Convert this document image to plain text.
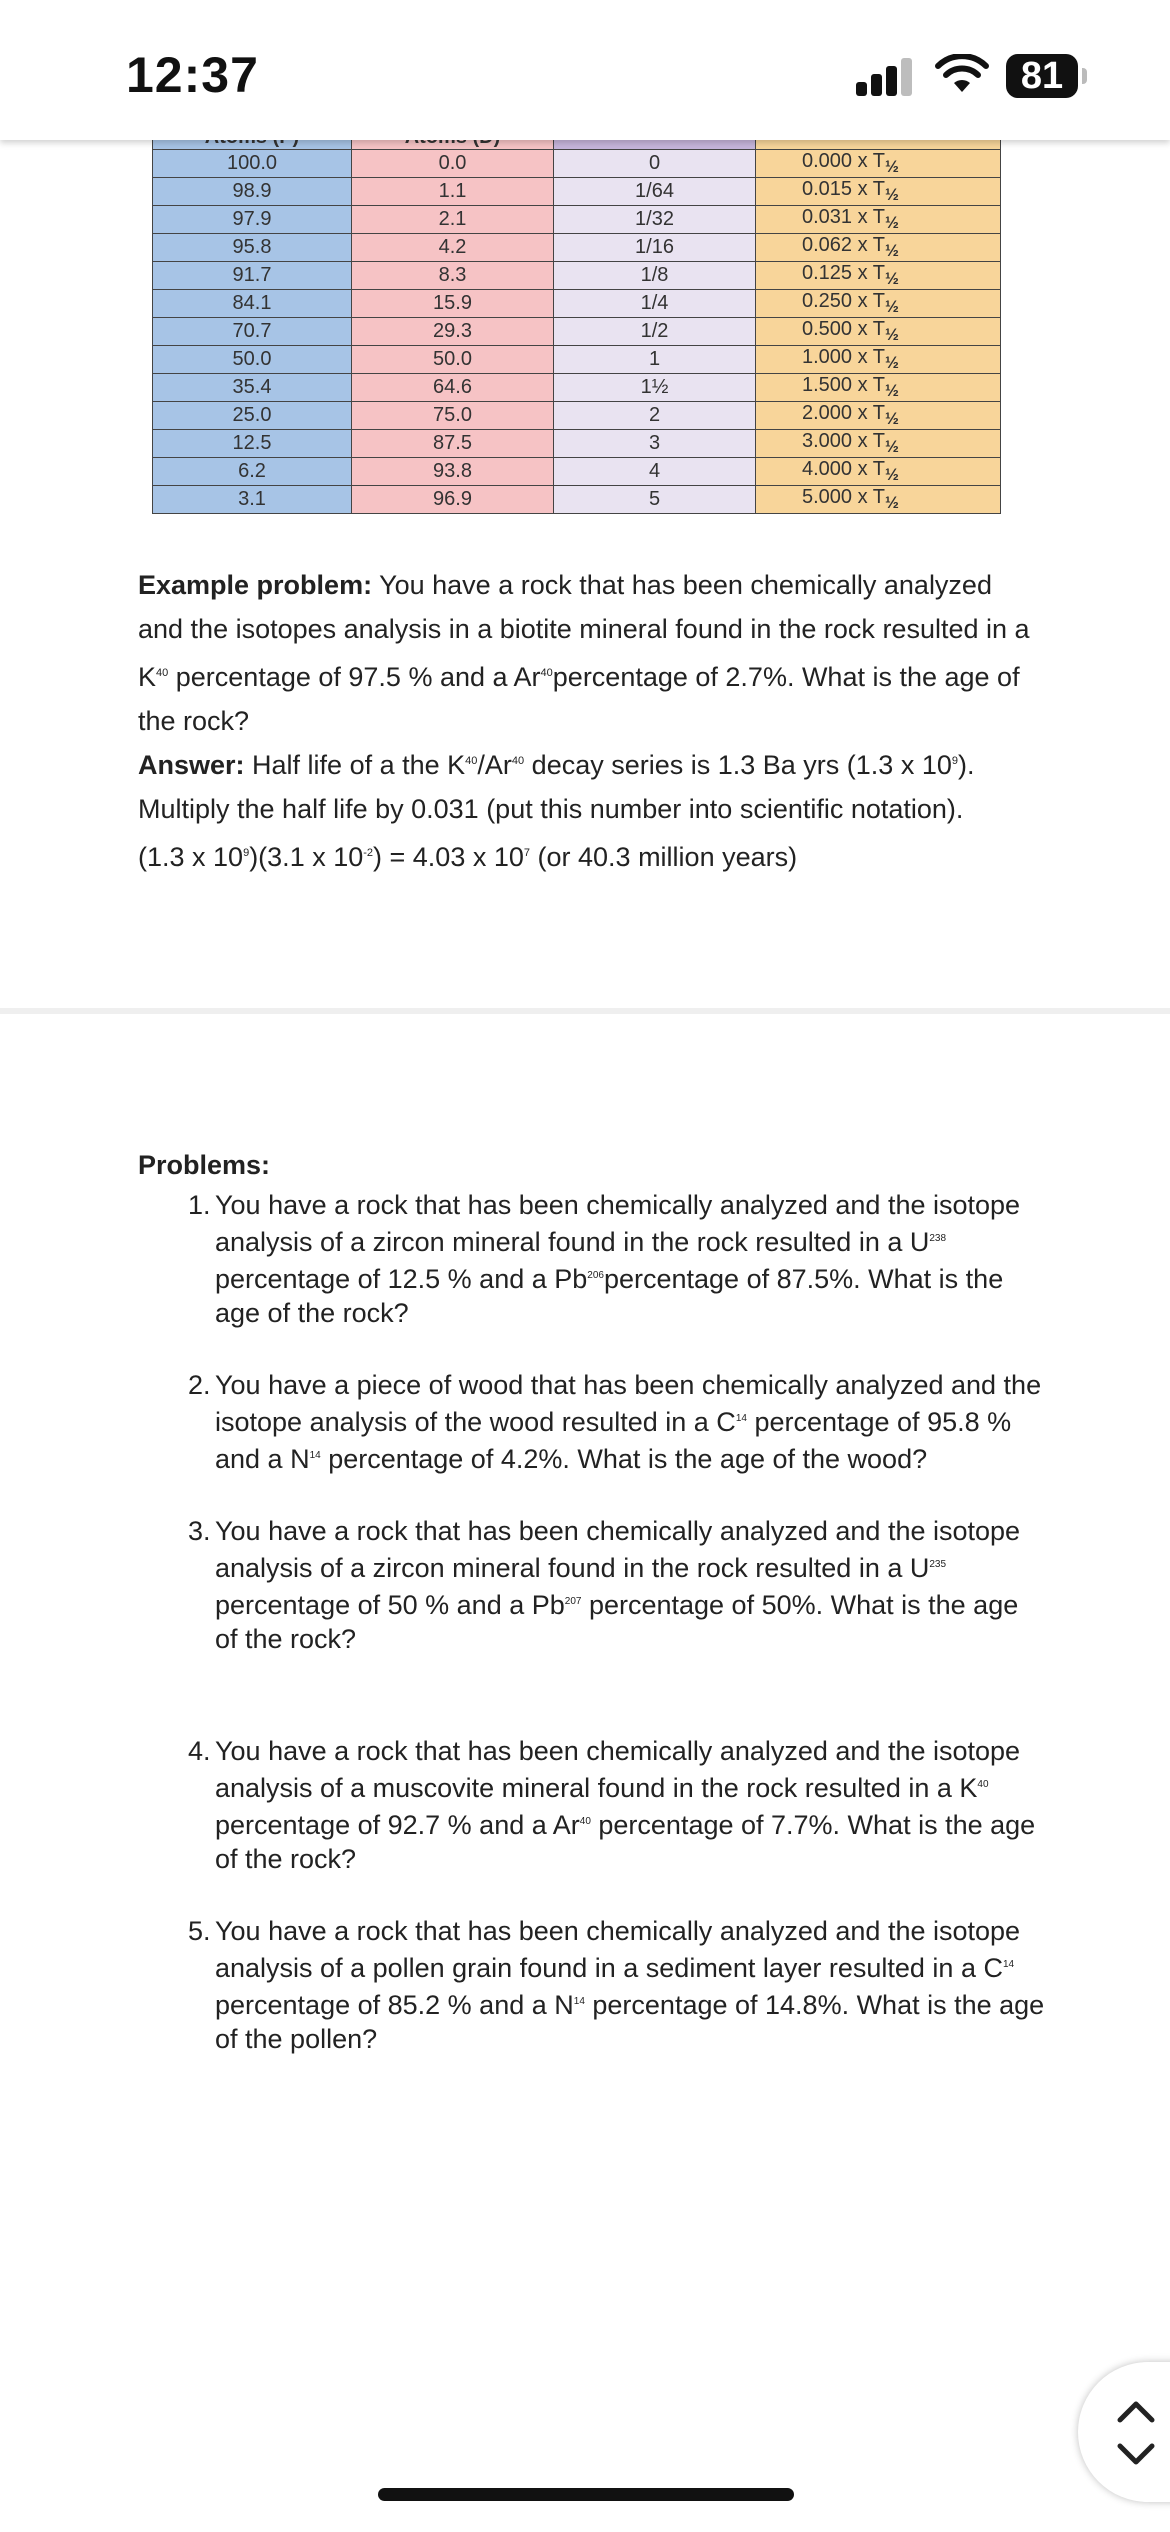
12:37	81

100.0	0.0	0	0.000 x $T_{\frac{1}{2}}$
98.9	1.1	1/64	0.015 x $T_{\frac{1}{2}}$
97.9	2.1	1/32	0.031 x $T_{\frac{1}{2}}$
95.8	4.2	1/16	0.062 x $T_{\frac{1}{2}}$
91.7	8.3	1/8	0.125 x $T_{\frac{1}{2}}$
84.1	15.9	1/4	0.250 x $T_{\frac{1}{2}}$
70.7	29.3	1/2	0.500 x $T_{\frac{1}{2}}$
50.0	50.0	1	1.000 x $T_{\frac{1}{2}}$
35.4	64.6	1½	1.500 x $T_{\frac{1}{2}}$
25.0	75.0	2	2.000 x $T_{\frac{1}{2}}$
12.5	87.5	3	3.000 x $T_{\frac{1}{2}}$
6.2	93.8	4	4.000 x $T_{\frac{1}{2}}$
3.1	96.9	5	5.000 x $T_{\frac{1}{2}}$
Example problem: You have a rock that has been chemically analyzed and the isotopes analysis in a biotite mineral found in the rock resulted in a $K^{40}$ percentage of 97.5 % and a Ar$^{40}$percentage of 2.7%. What is the age of the rock?
Answer: Half life of a the $K^{40}/Ar^{40}$ decay series is 1.3 Ba yrs (1.3 x $10^9$).
Multiply the half life by 0.031 (put this number into scientific notation).
(1.3 x $10^9)(3.1$ x $10^{-2}) = 4.03$ x $10^7$ (or 40.3 million years)
Problems:
1. You have a rock that has been chemically analyzed and the isotope analysis of a zircon mineral found in the rock resulted in a $U^{238}$ percentage of 12.5 % and a Pb$^{206}$percentage of 87.5%. What is the age of the rock?
2. You have a piece of wood that has been chemically analyzed and the isotope analysis of the wood resulted in a $C^{14}$ percentage of 95.8 % and a $N^{14}$ percentage of 4.2%. What is the age of the wood?
3. You have a rock that has been chemically analyzed and the isotope analysis of a zircon mineral found in the rock resulted in a $U^{235}$ percentage of 50 % and a Pb$^{207}$ percentage of 50%. What is the age of the rock?
4. You have a rock that has been chemically analyzed and the isotope analysis of a muscovite mineral found in the rock resulted in a $K^{40}$ percentage of 92.7 % and a Ar$^{40}$ percentage of 7.7%. What is the age of the rock?
5. You have a rock that has been chemically analyzed and the isotope analysis of a pollen grain found in a sediment layer resulted in a $C^{14}$ percentage of 85.2 % and a $N^{14}$ percentage of 14.8%. What is the age of the pollen?
